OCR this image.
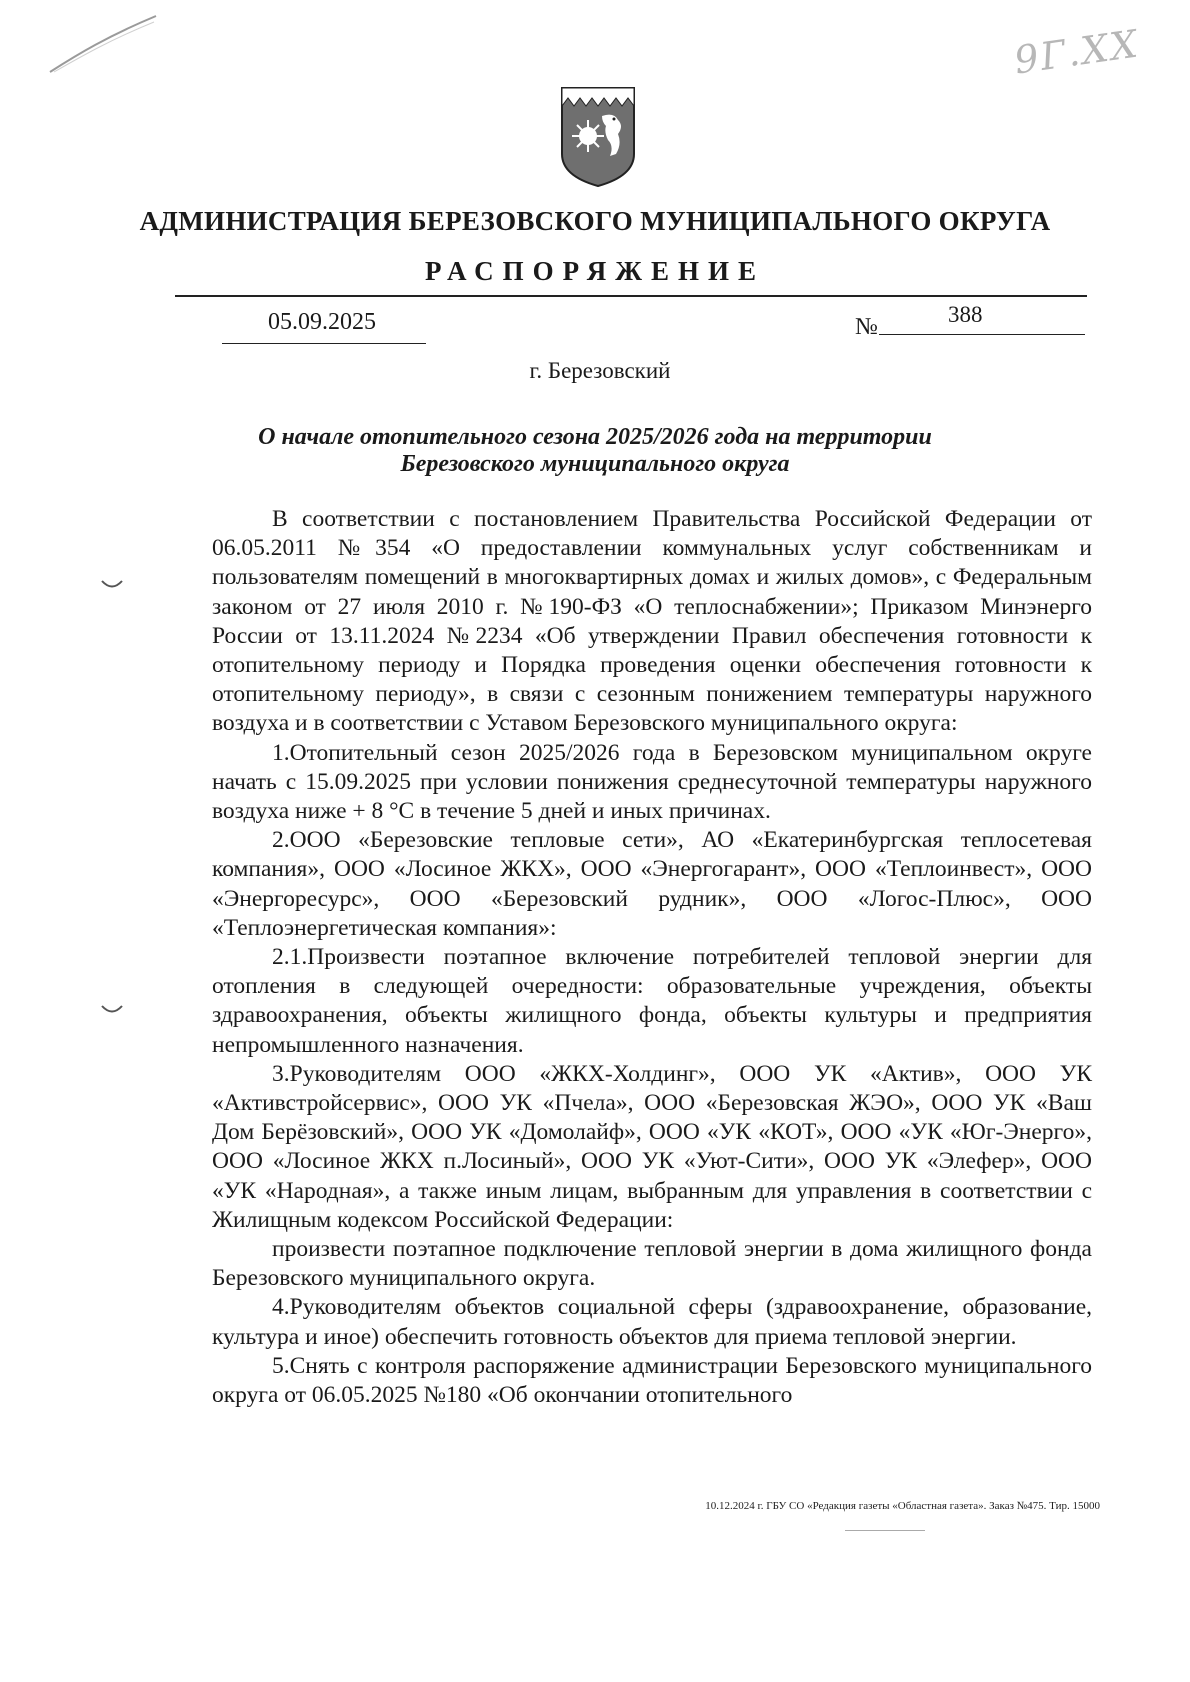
9Г.XX
АДМИНИСТРАЦИЯ БЕРЕЗОВСКОГО МУНИЦИПАЛЬНОГО ОКРУГА
РАСПОРЯЖЕНИЕ
05.09.2025	№	388
г. Березовский
О начале отопительного сезона 2025/2026 года на территории
Березовского муниципального округа

В соответствии с постановлением Правительства Российской Федерации от 06.05.2011 №354 «О предоставлении коммунальных услуг собственникам и пользователям помещений в многоквартирных домах и жилых домов», с Федеральным законом от 27 июля 2010 г. №190-ФЗ «О теплоснабжении»; Приказом Минэнерго России от 13.11.2024 №2234 «Об утверждении Правил обеспечения готовности к отопительному периоду и Порядка проведения оценки обеспечения готовности к отопительному периоду», в связи с сезонным понижением температуры наружного воздуха и в соответствии с Уставом Березовского муниципального округа:

1.Отопительный сезон 2025/2026 года в Березовском муниципальном округе начать с 15.09.2025 при условии понижения среднесуточной температуры наружного воздуха ниже + 8 °С в течение 5 дней и иных причинах.

2.ООО «Березовские тепловые сети», АО «Екатеринбургская теплосетевая компания», ООО «Лосиное ЖКХ», ООО «Энергогарант», ООО «Теплоинвест», ООО «Энергоресурс», ООО «Березовский рудник», ООО «Логос-Плюс», ООО «Теплоэнергетическая компания»:

2.1.Произвести поэтапное включение потребителей тепловой энергии для отопления в следующей очередности: образовательные учреждения, объекты здравоохранения, объекты жилищного фонда, объекты культуры и предприятия непромышленного назначения.

3.Руководителям ООО «ЖКХ-Холдинг», ООО УК «Актив», ООО УК «Активстройсервис», ООО УК «Пчела», ООО «Березовская ЖЭО», ООО УК «Ваш Дом Берёзовский», ООО УК «Домолайф», ООО «УК «КОТ», ООО «УК «Юг-Энерго», ООО «Лосиное ЖКХ п.Лосиный», ООО УК «Уют-Сити», ООО УК «Элефер», ООО «УК «Народная», а также иным лицам, выбранным для управления в соответствии с Жилищным кодексом Российской Федерации:

произвести поэтапное подключение тепловой энергии в дома жилищного фонда Березовского муниципального округа.

4.Руководителям объектов социальной сферы (здравоохранение, образование, культура и иное) обеспечить готовность объектов для приема тепловой энергии.

5.Снять с контроля распоряжение администрации Березовского муниципального округа от 06.05.2025 №180 «Об окончании отопительного

10.12.2024 г. ГБУ СО «Редакция газеты «Областная газета». Заказ №475. Тир. 15000
